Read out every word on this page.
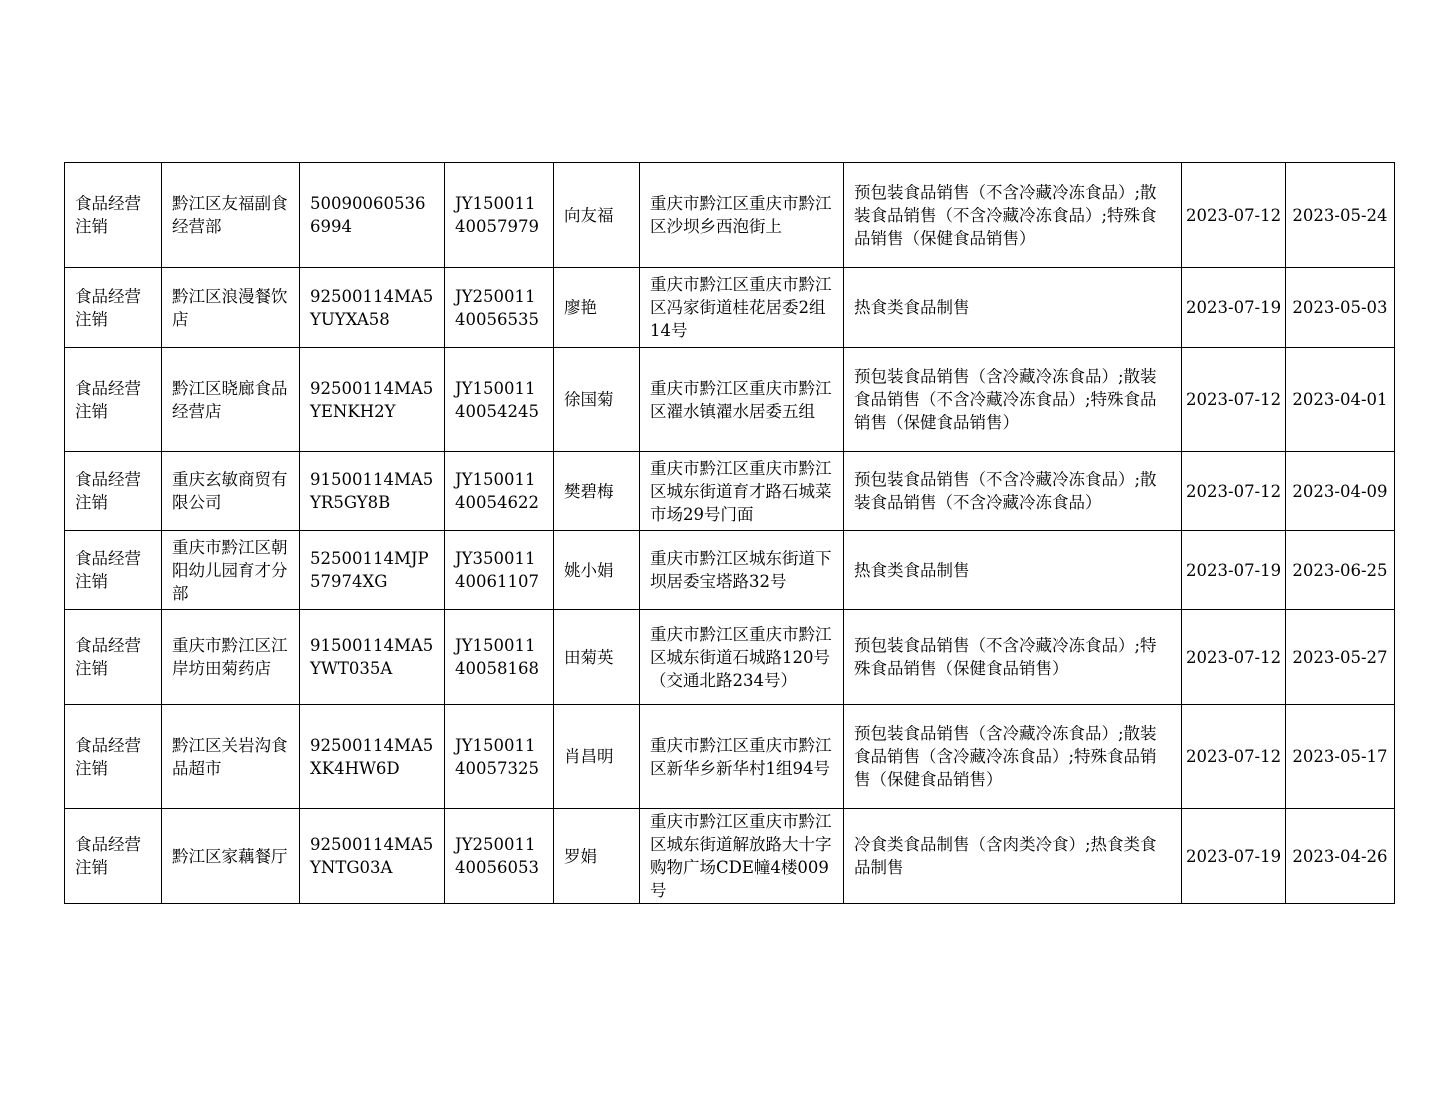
食品经营注销	黔江区友福副食经营部	500900605366994	JY15001140057979	向友福	重庆市黔江区重庆市黔江区沙坝乡西泡街上	预包装食品销售（不含冷藏冷冻食品）;散装食品销售（不含冷藏冷冻食品）;特殊食品销售（保健食品销售）	2023-07-12	2023-05-24
食品经营注销	黔江区浪漫餐饮店	92500114MA5YUYXA58	JY25001140056535	廖艳	重庆市黔江区重庆市黔江区冯家街道桂花居委2组14号	热食类食品制售	2023-07-19	2023-05-03
食品经营注销	黔江区晓廊食品经营店	92500114MA5YENKH2Y	JY15001140054245	徐国菊	重庆市黔江区重庆市黔江区濯水镇濯水居委五组	预包装食品销售（含冷藏冷冻食品）;散装食品销售（不含冷藏冷冻食品）;特殊食品销售（保健食品销售）	2023-07-12	2023-04-01
食品经营注销	重庆玄敏商贸有限公司	91500114MA5YR5GY8B	JY15001140054622	樊碧梅	重庆市黔江区重庆市黔江区城东街道育才路石城菜市场29号门面	预包装食品销售（不含冷藏冷冻食品）;散装食品销售（不含冷藏冷冻食品）	2023-07-12	2023-04-09
食品经营注销	重庆市黔江区朝阳幼儿园育才分部	52500114MJP57974XG	JY35001140061107	姚小娟	重庆市黔江区城东街道下坝居委宝塔路32号	热食类食品制售	2023-07-19	2023-06-25
食品经营注销	重庆市黔江区江岸坊田菊药店	91500114MA5YWT035A	JY15001140058168	田菊英	重庆市黔江区重庆市黔江区城东街道石城路120号（交通北路234号）	预包装食品销售（不含冷藏冷冻食品）;特殊食品销售（保健食品销售）	2023-07-12	2023-05-27
食品经营注销	黔江区关岩沟食品超市	92500114MA5XK4HW6D	JY15001140057325	肖昌明	重庆市黔江区重庆市黔江区新华乡新华村1组94号	预包装食品销售（含冷藏冷冻食品）;散装食品销售（含冷藏冷冻食品）;特殊食品销售（保健食品销售）	2023-07-12	2023-05-17
食品经营注销	黔江区家藕餐厅	92500114MA5YNTG03A	JY25001140056053	罗娟	重庆市黔江区重庆市黔江区城东街道解放路大十字购物广场CDE幢4楼009号	冷食类食品制售（含肉类冷食）;热食类食品制售	2023-07-19	2023-04-26
